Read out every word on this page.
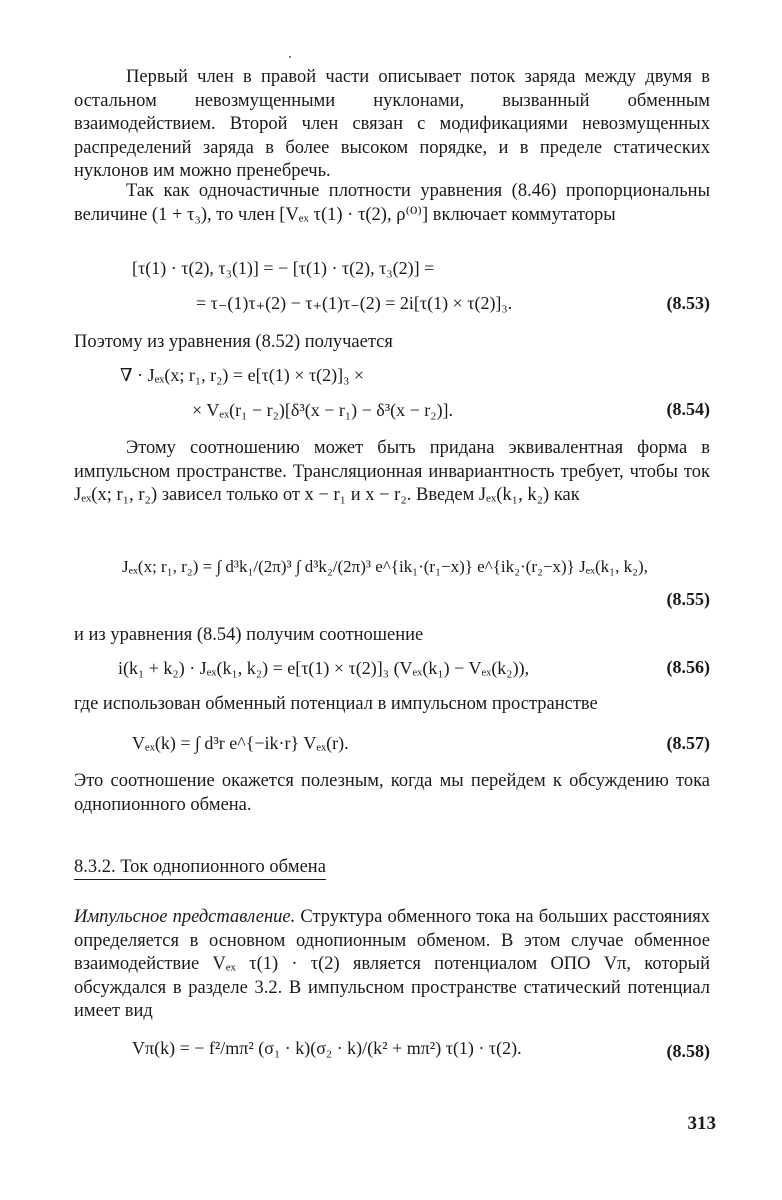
Первый член в правой части описывает поток заряда между двумя в остальном невозмущенными нуклонами, вызванный обменным взаимодействием. Второй член связан с модификациями невозмущенных распределений заряда в более высоком порядке, и в пределе статических нуклонов им можно пренебречь.

Так как одночастичные плотности уравнения (8.46) пропорциональны величине (1 + τ₃), то член [Vₑₓ τ(1) · τ(2), ρ⁽⁰⁾] включает коммутаторы

[τ(1) · τ(2), τ₃(1)] = − [τ(1) · τ(2), τ₃(2)] =
= τ₋(1)τ₊(2) − τ₊(1)τ₋(2) = 2i[τ(1) × τ(2)]₃.	(8.53)

Поэтому из уравнения (8.52) получается

∇ · Jₑₓ(x; r₁, r₂) = e[τ(1) × τ(2)]₃ ×
× Vₑₓ(r₁ − r₂)[δ³(x − r₁) − δ³(x − r₂)].	(8.54)

Этому соотношению может быть придана эквивалентная форма в импульсном пространстве. Трансляционная инвариантность требует, чтобы ток Jₑₓ(x; r₁, r₂) зависел только от x − r₁ и x − r₂. Введем Jₑₓ(k₁, k₂) как

Jₑₓ(x; r₁, r₂) = ∫ d³k₁/(2π)³ ∫ d³k₂/(2π)³ e^{ik₁·(r₁−x)} e^{ik₂·(r₂−x)} Jₑₓ(k₁, k₂),
(8.55)

и из уравнения (8.54) получим соотношение

i(k₁ + k₂) · Jₑₓ(k₁, k₂) = e[τ(1) × τ(2)]₃ (Vₑₓ(k₁) − Vₑₓ(k₂)),	(8.56)

где использован обменный потенциал в импульсном пространстве

Vₑₓ(k) = ∫ d³r e^{−ik·r} Vₑₓ(r).	(8.57)

Это соотношение окажется полезным, когда мы перейдем к обсуждению тока однопионного обмена.

8.3.2. Ток однопионного обмена

Импульсное представление. Структура обменного тока на больших расстояниях определяется в основном однопионным обменом. В этом случае обменное взаимодействие Vₑₓ τ(1) · τ(2) является потенциалом ОПО Vπ, который обсуждался в разделе 3.2. В импульсном пространстве статический потенциал имеет вид

Vπ(k) = − f²/mπ² (σ₁ · k)(σ₂ · k)/(k² + mπ²) τ(1) · τ(2).	(8.58)
313
